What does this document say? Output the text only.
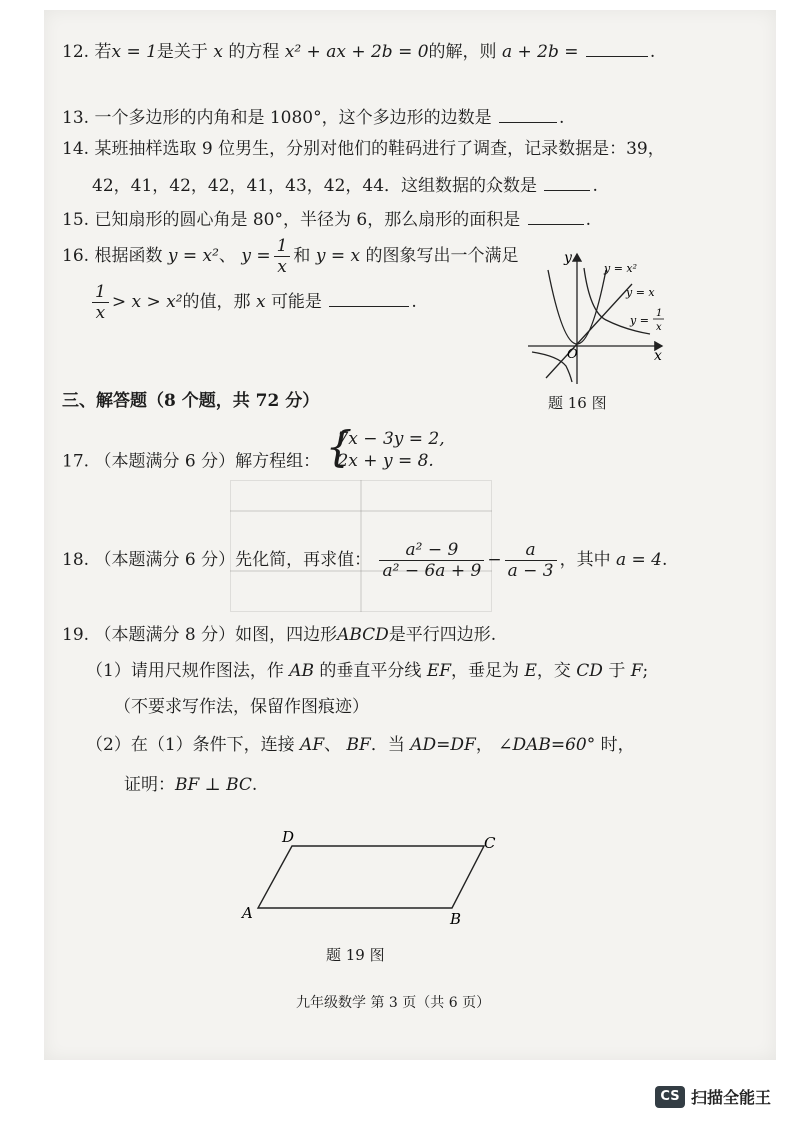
12. 若x = 1是关于 x 的方程 x² + ax + 2b = 0的解，则 a + 2b =	.
13. 一个多边形的内角和是 1080°，这个多边形的边数是	.
14. 某班抽样选取 9 位男生，分别对他们的鞋码进行了调查，记录数据是：39，
42，41，42，42，41，43，42，44．这组数据的众数是	.
15. 已知扇形的圆心角是 80°，半径为 6，那么扇形的面积是	.
16. 根据函数 y = x²、 $y = \frac{1}{x}$ 和 y = x 的图象写出一个满足
$\frac{1}{x} > x > x^2$的值，那 x 可能是	.
y
x
O
y = x²
y = x
y =
1
x
题 16 图
三、解答题（8 个题，共 72 分）
17. （本题满分 6 分）解方程组： {
7x − 3y = 2,
2x + y = 8.
18. （本题满分 6 分）先化简，再求值： $\frac{\text{a² − 9}}{\text{a² − 6a + 9}} - \frac{a}{a - 3}$ ，其中 a = 4.
19. （本题满分 8 分）如图，四边形ABCD是平行四边形.
（1）请用尺规作图法，作 AB 的垂直平分线 EF，垂足为 E，交 CD 于 F;
（不要求写作法，保留作图痕迹）
（2）在（1）条件下，连接 AF、 BF．当 AD=DF， ∠DAB=60° 时，
证明：BF ⊥ BC.
A	B
C
D
题 19 图
九年级数学 第 3 页（共 6 页）
CS 扫描全能王
